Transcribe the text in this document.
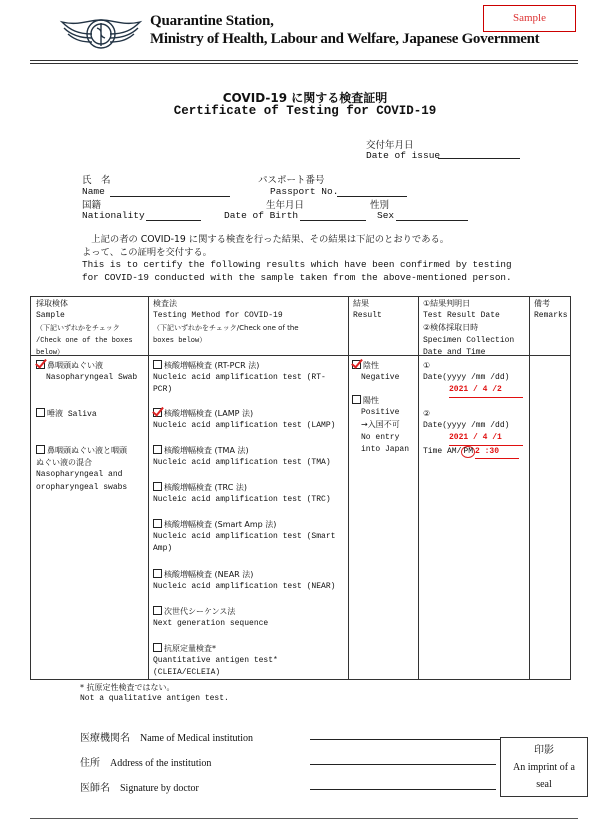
Quarantine Station,
Ministry of Health, Labour and Welfare, Japanese Government
Sample
COVID-19 に関する検査証明
Certificate of Testing for COVID-19
交付年月日
Date of issue
氏　名
Name
パスポート番号
Passport No.
国籍
Nationality
生年月日
Date of Birth
性別
Sex
　上記の者の COVID-19 に関する検査を行った結果、その結果は下記のとおりである。
よって、この証明を交付する。
This is to certify the following results which have been confirmed by testing
for COVID-19 conducted with the sample taken from the above-mentioned person.
採取検体
Sample
（下記いずれかをチェック
/Check one of the boxes
below）
検査法
Testing Method for COVID-19
（下記いずれかをチェック/Check one of the
boxes below）
結果
Result
①結果判明日
Test Result Date
②検体採取日時
Specimen Collection
Date and Time
備考
Remarks
鼻咽頭ぬぐい液
Nasopharyngeal Swab
唾液 Saliva
鼻咽頭ぬぐい液と咽頭
ぬぐい液の混合
Nasopharyngeal and
oropharyngeal swabs
核酸増幅検査 (RT-PCR 法)
Nucleic acid amplification test (RT-
PCR)
核酸増幅検査 (LAMP 法)
Nucleic acid amplification test (LAMP)
核酸増幅検査 (TMA 法)
Nucleic acid amplification test (TMA)
核酸増幅検査 (TRC 法)
Nucleic acid amplification test (TRC)
核酸増幅検査 (Smart Amp 法)
Nucleic acid amplification test (Smart
Amp)
核酸増幅検査 (NEAR 法)
Nucleic acid amplification test (NEAR)
次世代シーケンス法
Next generation sequence
抗原定量検査*
Quantitative antigen test*
(CLEIA/ECLEIA)
陰性
Negative
陽性
Positive
→入国不可
No entry
into Japan
①
Date(yyyy /mm /dd)
2021 / 4 /2
②
Date(yyyy /mm /dd)
2021 / 4 /1
Time AM/ PM2 :30
* 抗原定性検査ではない。
Not a qualitative antigen test.
医療機関名　Name of Medical institution
住所　Address of the institution
医師名　Signature by doctor
印影
An imprint of a
seal
